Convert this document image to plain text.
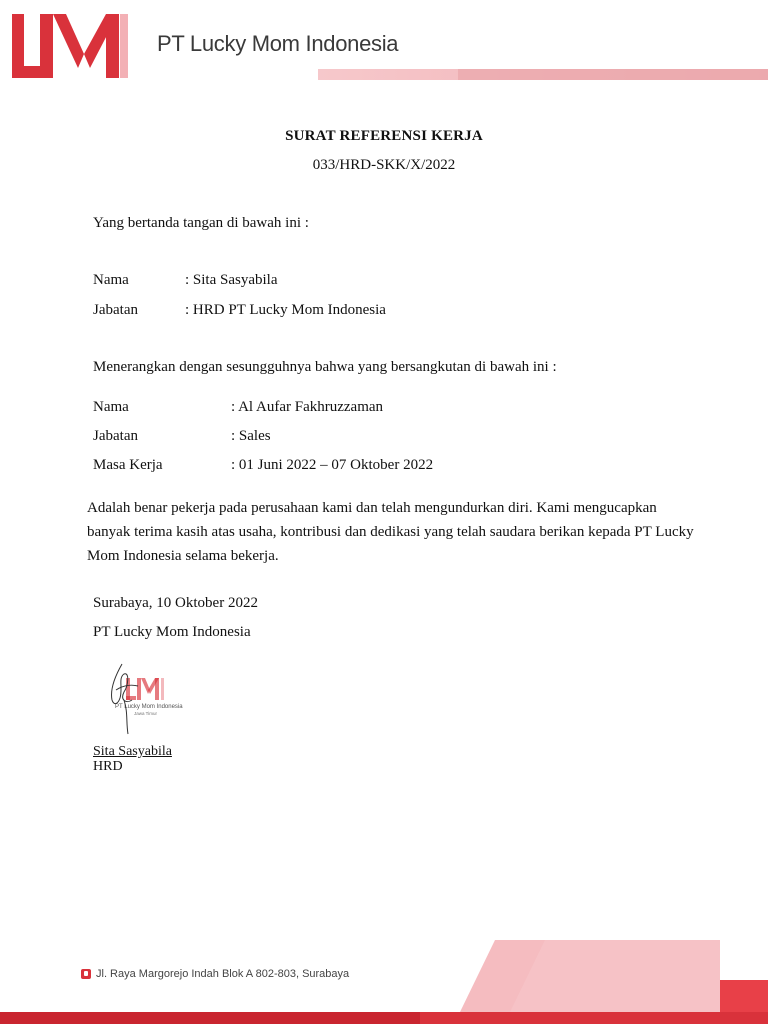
PT Lucky Mom Indonesia
SURAT REFERENSI KERJA
033/HRD-SKK/X/2022
Yang bertanda tangan di bawah ini :
Nama	: Sita Sasyabila
Jabatan	: HRD PT Lucky Mom Indonesia
Menerangkan dengan sesungguhnya bahwa yang bersangkutan di bawah ini :
Nama	: Al Aufar Fakhruzzaman
Jabatan	: Sales
Masa Kerja	: 01 Juni 2022 – 07 Oktober 2022
Adalah benar pekerja pada perusahaan kami dan telah mengundurkan diri. Kami mengucapkan banyak terima kasih atas usaha, kontribusi dan dedikasi yang telah saudara berikan kepada PT Lucky Mom Indonesia selama bekerja.
Surabaya, 10 Oktober 2022
PT Lucky Mom Indonesia
PT Lucky Mom Indonesia
Jawa Timur
Sita Sasyabila
HRD
Jl. Raya Margorejo Indah Blok A 802-803, Surabaya
